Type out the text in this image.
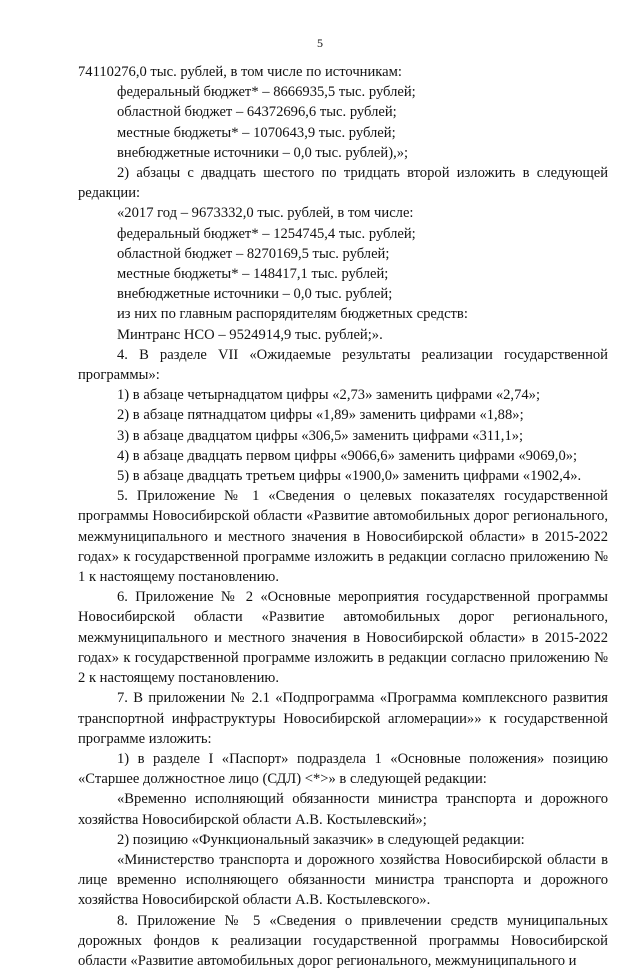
5

74110276,0 тыс. рублей, в том числе по источникам:

федеральный бюджет* – 8666935,5 тыс. рублей;

областной бюджет – 64372696,6 тыс. рублей;

местные бюджеты* – 1070643,9 тыс. рублей;

внебюджетные источники – 0,0 тыс. рублей),»;

2) абзацы с двадцать шестого по тридцать второй изложить в следующей редакции:

«2017 год – 9673332,0 тыс. рублей, в том числе:

федеральный бюджет* – 1254745,4 тыс. рублей;

областной бюджет – 8270169,5 тыс. рублей;

местные бюджеты* – 148417,1 тыс. рублей;

внебюджетные источники – 0,0 тыс. рублей;

из них по главным распорядителям бюджетных средств:

Минтранс НСО – 9524914,9 тыс. рублей;».

4. В разделе VII «Ожидаемые результаты реализации государственной программы»:

1) в абзаце четырнадцатом цифры «2,73» заменить цифрами «2,74»;

2) в абзаце пятнадцатом цифры «1,89» заменить цифрами «1,88»;

3) в абзаце двадцатом цифры «306,5» заменить цифрами «311,1»;

4) в абзаце двадцать первом цифры «9066,6» заменить цифрами «9069,0»;

5) в абзаце двадцать третьем цифры «1900,0» заменить цифрами «1902,4».

5. Приложение № 1 «Сведения о целевых показателях государственной программы Новосибирской области «Развитие автомобильных дорог регионального, межмуниципального и местного значения в Новосибирской области» в 2015-2022 годах» к государственной программе изложить в редакции согласно приложению № 1 к настоящему постановлению.

6. Приложение № 2 «Основные мероприятия государственной программы Новосибирской области «Развитие автомобильных дорог регионального, межмуниципального и местного значения в Новосибирской области» в 2015-2022 годах» к государственной программе изложить в редакции согласно приложению № 2 к настоящему постановлению.

7. В приложении № 2.1 «Подпрограмма «Программа комплексного развития транспортной инфраструктуры Новосибирской агломерации»» к государственной программе изложить:

1) в разделе I «Паспорт» подраздела 1 «Основные положения» позицию «Старшее должностное лицо (СДЛ) <*>» в следующей редакции:

«Временно исполняющий обязанности министра транспорта и дорожного хозяйства Новосибирской области А.В. Костылевский»;

2) позицию «Функциональный заказчик» в следующей редакции:

«Министерство транспорта и дорожного хозяйства Новосибирской области в лице временно исполняющего обязанности министра транспорта и дорожного хозяйства Новосибирской области А.В. Костылевского».

8. Приложение № 5 «Сведения о привлечении средств муниципальных дорожных фондов к реализации государственной программы Новосибирской области «Развитие автомобильных дорог регионального, межмуниципального и
